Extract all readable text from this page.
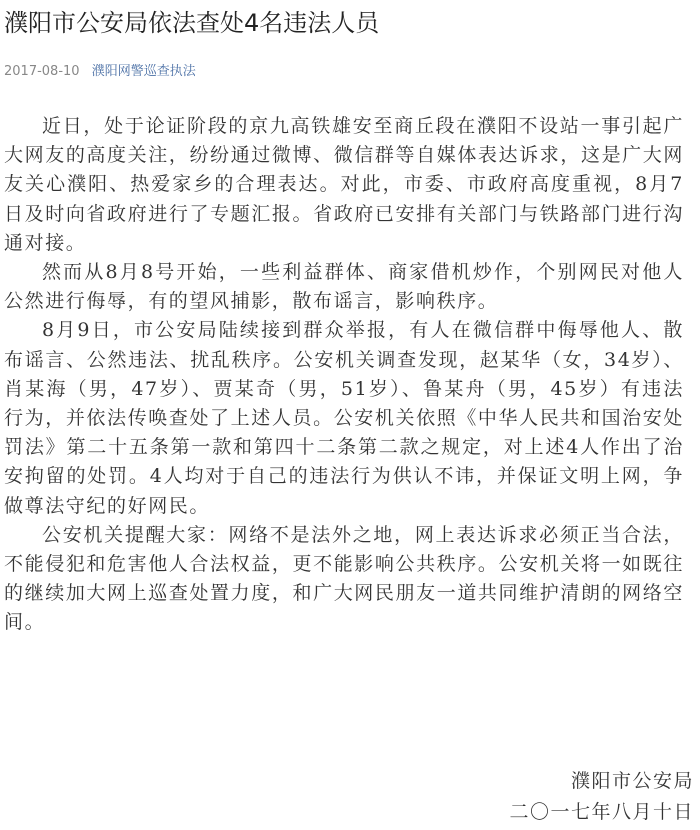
濮阳市公安局依法查处4名违法人员
2017-08-10 濮阳网警巡查执法

近日，处于论证阶段的京九高铁雄安至商丘段在濮阳不设站一事引起广大网友的高度关注，纷纷通过微博、微信群等自媒体表达诉求，这是广大网友关心濮阳、热爱家乡的合理表达。对此，市委、市政府高度重视，8月7日及时向省政府进行了专题汇报。省政府已安排有关部门与铁路部门进行沟通对接。

然而从8月8号开始，一些利益群体、商家借机炒作，个别网民对他人公然进行侮辱，有的望风捕影，散布谣言，影响秩序。

8月9日，市公安局陆续接到群众举报，有人在微信群中侮辱他人、散布谣言、公然违法、扰乱秩序。公安机关调查发现，赵某华（女，34岁）、肖某海（男，47岁）、贾某奇（男，51岁）、鲁某舟（男，45岁）有违法行为，并依法传唤查处了上述人员。公安机关依照《中华人民共和国治安处罚法》第二十五条第一款和第四十二条第二款之规定，对上述4人作出了治安拘留的处罚。4人均对于自己的违法行为供认不讳，并保证文明上网，争做尊法守纪的好网民。

公安机关提醒大家：网络不是法外之地，网上表达诉求必须正当合法，不能侵犯和危害他人合法权益，更不能影响公共秩序。公安机关将一如既往的继续加大网上巡查处置力度，和广大网民朋友一道共同维护清朗的网络空间。

濮阳市公安局
二〇一七年八月十日
